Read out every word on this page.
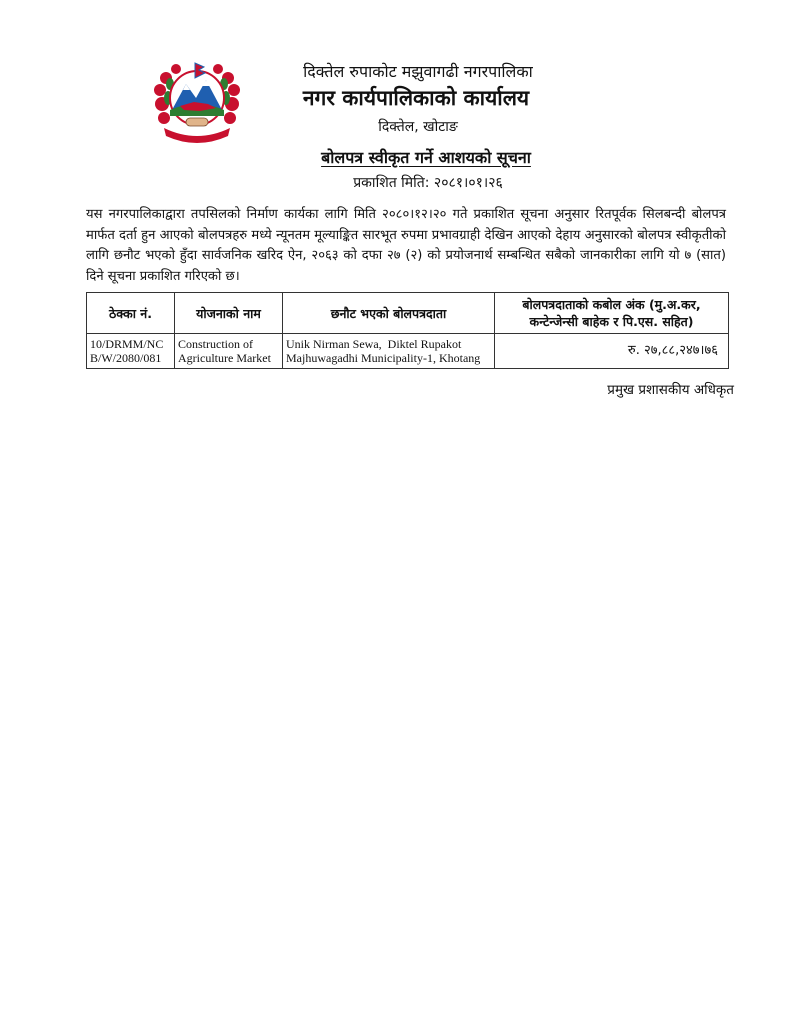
दिक्तेल रुपाकोट मझुवागढी नगरपालिका
नगर कार्यपालिकाको कार्यालय
दिक्तेल, खोटाङ
बोलपत्र स्वीकृत गर्ने आशयको सूचना
प्रकाशित मिति: २०८१।०१।२६
यस नगरपालिकाद्वारा तपसिलको निर्माण कार्यका लागि मिति २०८०।१२।२० गते प्रकाशित सूचना अनुसार रितपूर्वक सिलबन्दी बोलपत्र मार्फत दर्ता हुन आएको बोलपत्रहरु मध्ये न्यूनतम मूल्याङ्कित सारभूत रुपमा प्रभावग्राही देखिन आएको देहाय अनुसारको बोलपत्र स्वीकृतीको लागि छनौट भएको हुँदा सार्वजनिक खरिद ऐन, २०६३ को दफा २७ (२) को प्रयोजनार्थ सम्बन्धित सबैको जानकारीका लागि यो ७ (सात) दिने सूचना प्रकाशित गरिएको छ।
ठेक्का नं.	योजनाको नाम	छनौट भएको बोलपत्रदाता	बोलपत्रदाताको कबोल अंक (मु.अ.कर, कन्टेन्जेन्सी बाहेक र पि.एस. सहित)
10/DRMM/NCB/W/2080/081	Construction of Agriculture Market	Unik Nirman Sewa,  Diktel Rupakot Majhuwagadhi Municipality-1, Khotang	रु. २७,८८,२४७।७६
प्रमुख प्रशासकीय अधिकृत
